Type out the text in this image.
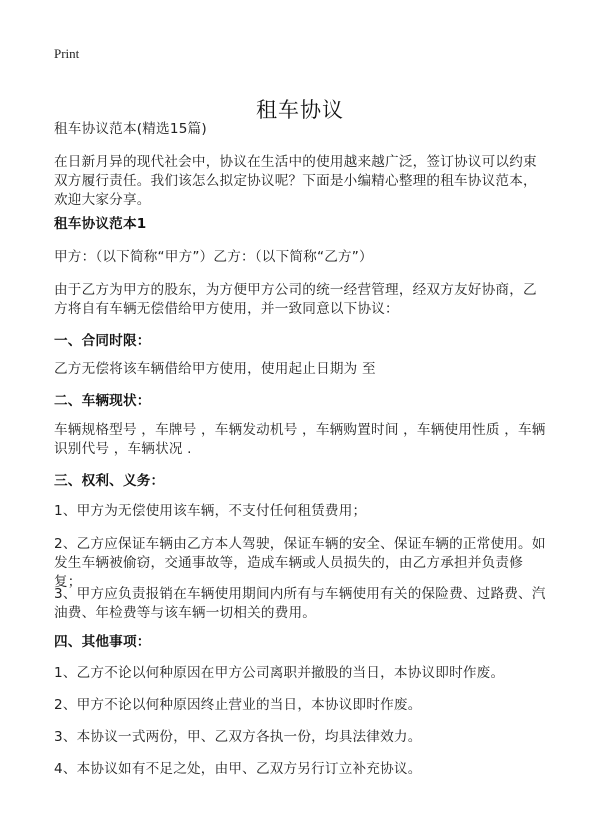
Print
租车协议

租车协议范本(精选15篇)

在日新月异的现代社会中，协议在生活中的使用越来越广泛，签订协议可以约束双方履行责任。我们该怎么拟定协议呢？下面是小编精心整理的租车协议范本，欢迎大家分享。

租车协议范本1

甲方：（以下简称“甲方”）乙方：（以下简称“乙方”）

由于乙方为甲方的股东，为方便甲方公司的统一经营管理，经双方友好协商，乙方将自有车辆无偿借给甲方使用，并一致同意以下协议：

一、合同时限：

乙方无偿将该车辆借给甲方使用，使用起止日期为 至

二、车辆现状：

车辆规格型号 ，车牌号 ，车辆发动机号 ，车辆购置时间 ，车辆使用性质 ，车辆识别代号 ，车辆状况 .

三、权利、义务：

1、甲方为无偿使用该车辆，不支付任何租赁费用；

2、乙方应保证车辆由乙方本人驾驶，保证车辆的安全、保证车辆的正常使用。如发生车辆被偷窃，交通事故等，造成车辆或人员损失的，由乙方承担并负责修复；

3、甲方应负责报销在车辆使用期间内所有与车辆使用有关的保险费、过路费、汽油费、年检费等与该车辆一切相关的费用。

四、其他事项：

1、乙方不论以何种原因在甲方公司离职并撤股的当日，本协议即时作废。

2、甲方不论以何种原因终止营业的当日，本协议即时作废。

3、本协议一式两份，甲、乙双方各执一份，均具法律效力。

4、本协议如有不足之处，由甲、乙双方另行订立补充协议。
